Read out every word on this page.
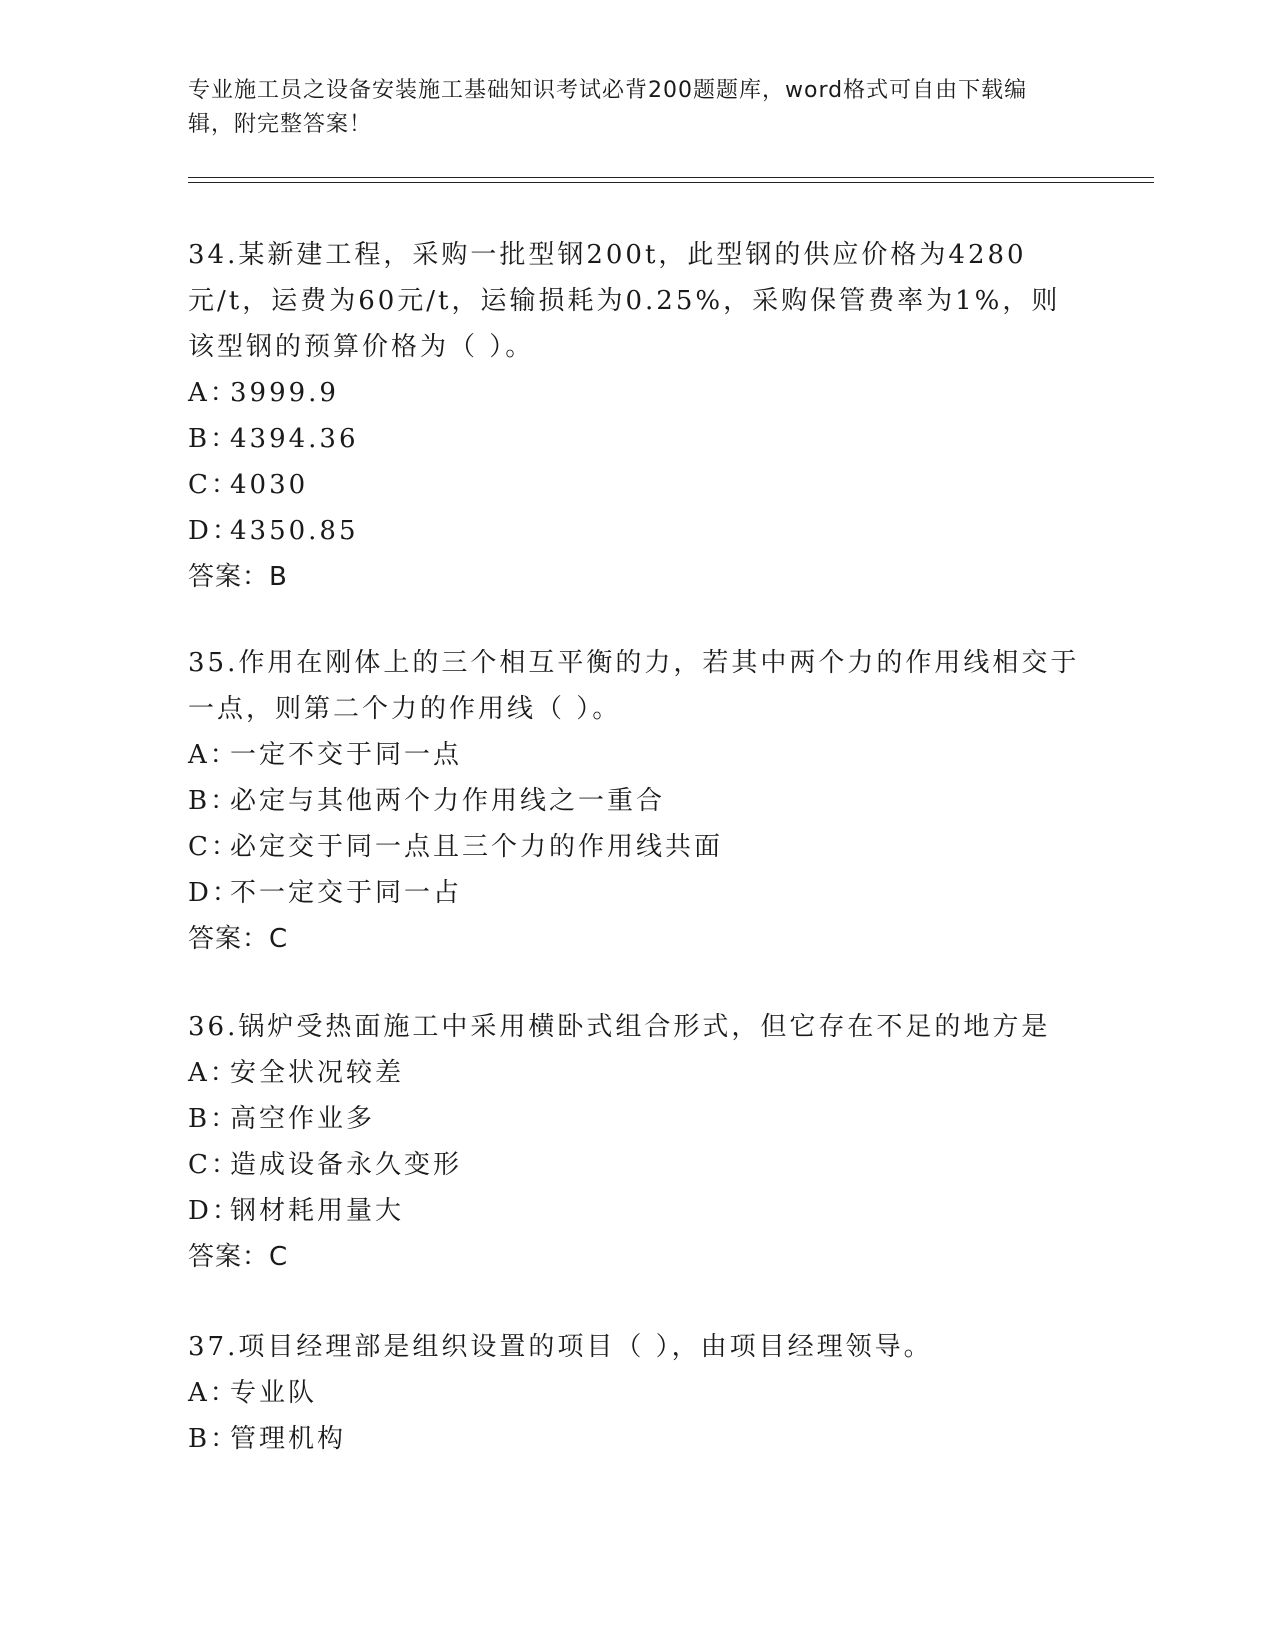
专业施工员之设备安装施工基础知识考试必背200题题库，word格式可自由下载编辑，附完整答案！
34.某新建工程，采购一批型钢200t，此型钢的供应价格为4280元/t，运费为60元/t，运输损耗为0.25%，采购保管费率为1%，则该型钢的预算价格为（ ）。
A：3999.9
B：4394.36
C：4030
D：4350.85
答案：B
35.作用在刚体上的三个相互平衡的力，若其中两个力的作用线相交于一点，则第二个力的作用线（ ）。
A：一定不交于同一点
B：必定与其他两个力作用线之一重合
C：必定交于同一点且三个力的作用线共面
D：不一定交于同一占
答案：C
36.锅炉受热面施工中采用横卧式组合形式，但它存在不足的地方是
A：安全状况较差
B：高空作业多
C：造成设备永久变形
D：钢材耗用量大
答案：C
37.项目经理部是组织设置的项目（ ），由项目经理领导。
A：专业队
B：管理机构
